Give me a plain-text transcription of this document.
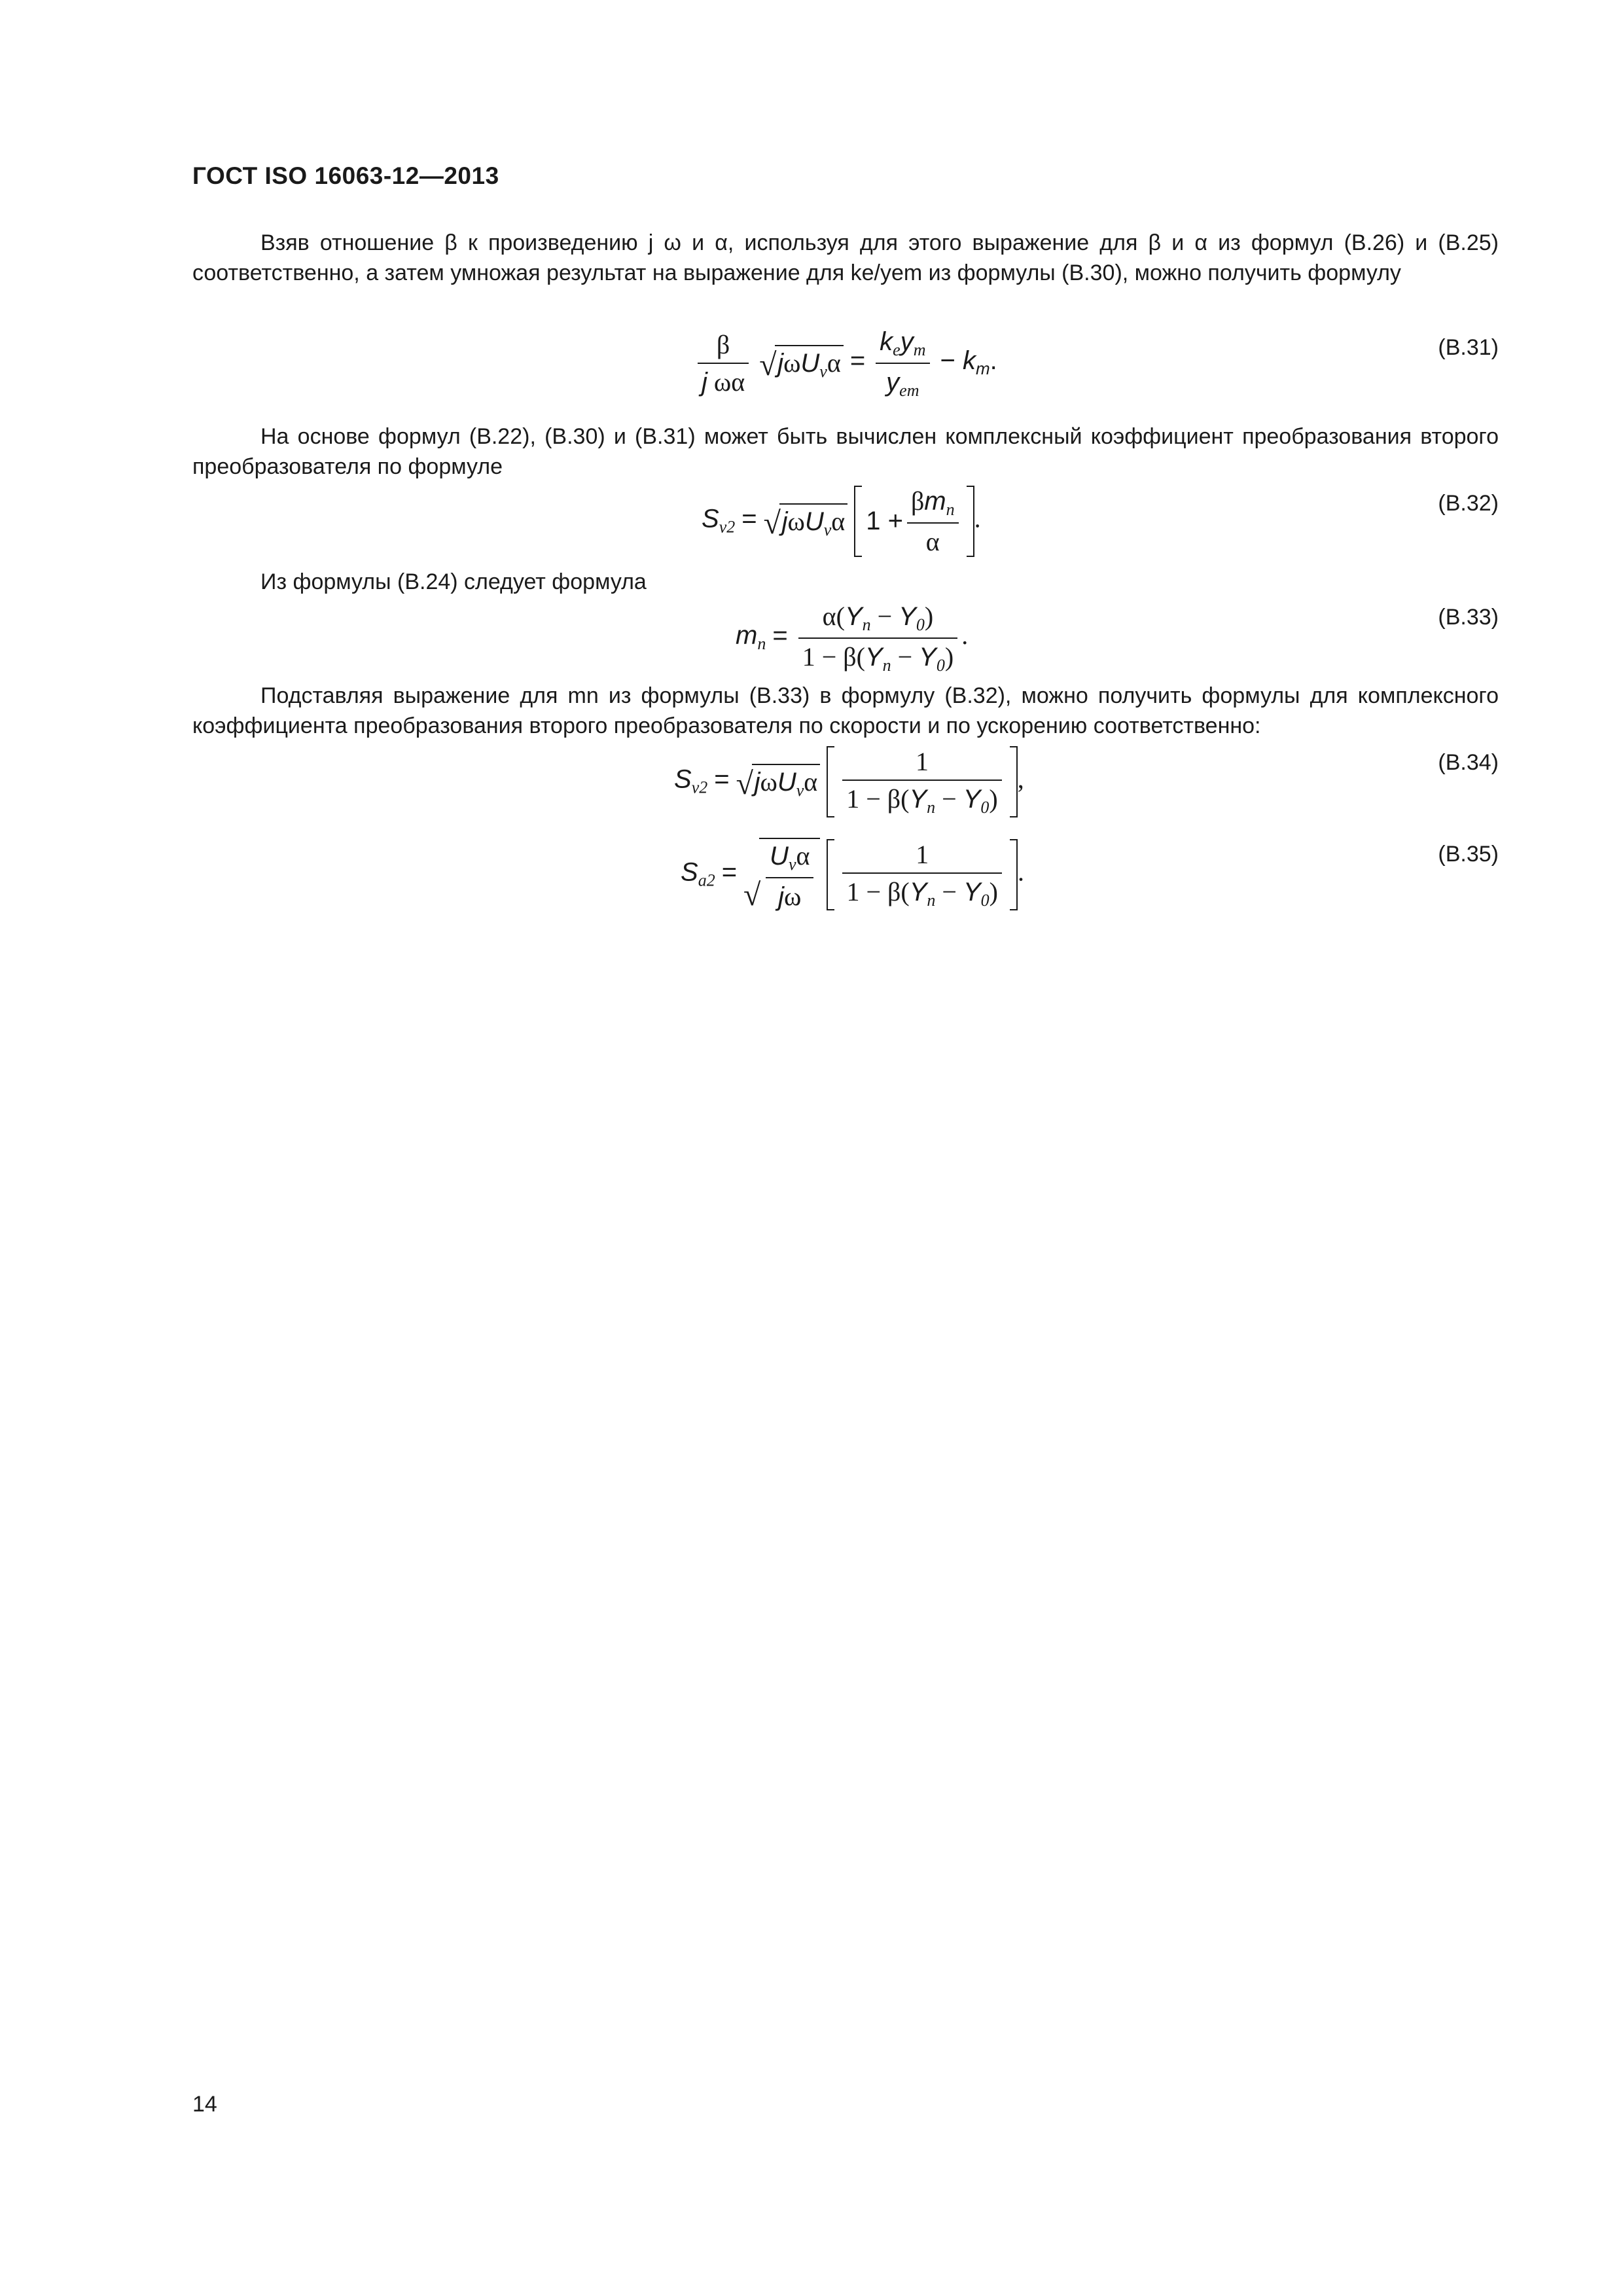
ГОСТ ISO 16063-12—2013
Взяв отношение β к произведению j ω и α, используя для этого выражение для β и α из формул (B.26) и (B.25) соответственно, а затем умножая результат на выражение для ke/yem из формулы (B.30), можно получить формулу
$\frac{\beta}{\text{j ωα}}$
√ $j\omega U_v\alpha = \frac{k_ey_m}{y_{em}} - k_m$.	(B.31)
На основе формул (B.22), (B.30) и (B.31) может быть вычислен комплексный коэффициент преобразования второго преобразователя по формуле
$S_{v2}$ = √ jωU$_v$α $1 + \frac{\beta m_n}{\alpha}$ .
(B.32)
Из формулы (B.24) следует формула
$m_n = \frac{\alpha(Y_n - Y_0)}{1 - \beta(Y_n - Y_0)}$ .
(B.33)
Подставляя выражение для mn из формулы (B.33) в формулу (B.32), можно получить формулы для комплексного коэффициента преобразования второго преобразователя по скорости и по ускорению соответственно:
$S_{v2}$ = √ $j\omega U_v\alpha \frac{1}{1 - \beta(Y_n - Y_0)}$ ,
(B.34)
$S_{a2}$ =
√ $\frac{U_v\alpha}{j\omega}$
$\frac{1}{1 - \beta(Y_n - Y_0)}$ .
(B.35)
14
